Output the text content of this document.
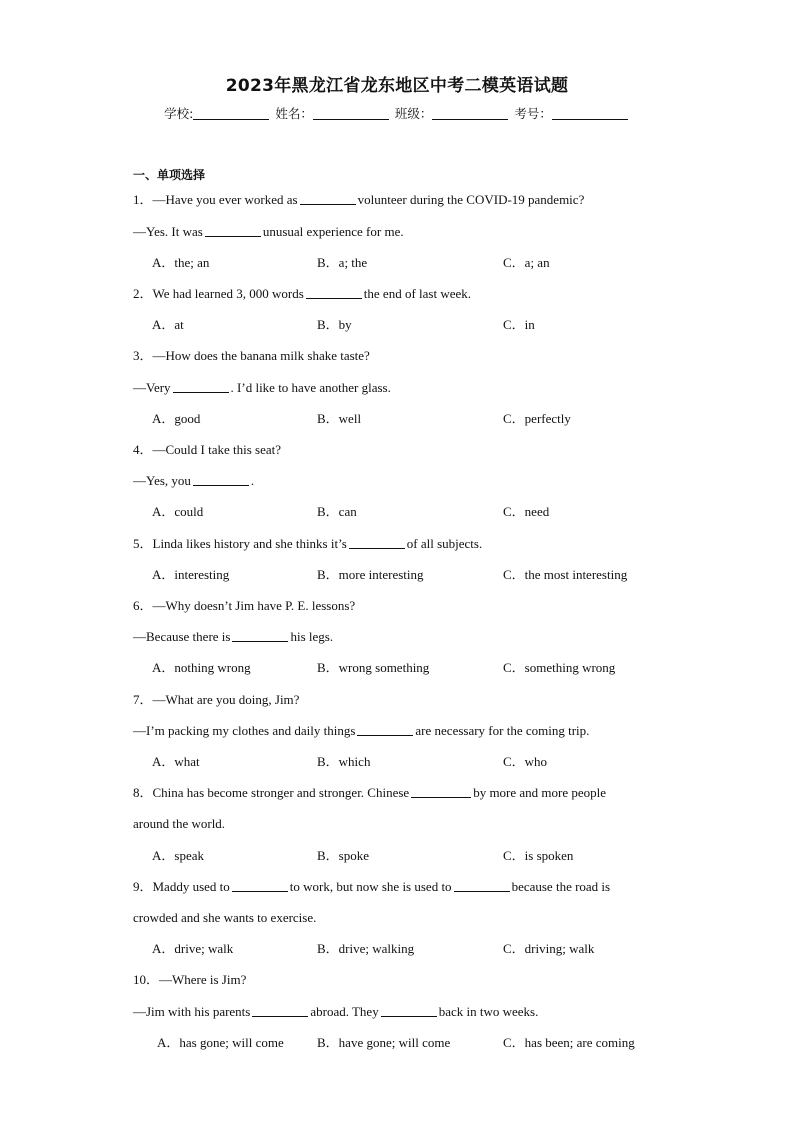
2023年黑龙江省龙东地区中考二模英语试题
学校:	姓名：	班级：	考号：
一、单项选择
1．—Have you ever worked as	volunteer during the COVID-19 pandemic?
—Yes. It was	unusual experience for me.
A．the; an	B．a; the	C．a; an
2．We had learned 3, 000 words	the end of last week.
A．at	B．by	C．in
3．—How does the banana milk shake taste?
—Very	. I’d like to have another glass.
A．good	B．well	C．perfectly
4．—Could I take this seat?
—Yes, you	.
A．could	B．can	C．need
5．Linda likes history and she thinks it’s	of all subjects.
A．interesting	B．more interesting	C．the most interesting
6．—Why doesn’t Jim have P. E. lessons?
—Because there is	his legs.
A．nothing wrong	B．wrong something	C．something wrong
7．—What are you doing, Jim?
—I’m packing my clothes and daily things	are necessary for the coming trip.
A．what	B．which	C．who
8．China has become stronger and stronger. Chinese	by more and more people
around the world.
A．speak	B．spoke	C．is spoken
9．Maddy used to	to work, but now she is used to	because the road is
crowded and she wants to exercise.
A．drive; walk	B．drive; walking	C．driving; walk
10．—Where is Jim?
—Jim with his parents	abroad. They	back in two weeks.
A．has gone; will come	B．have gone; will come	C．has been; are coming
